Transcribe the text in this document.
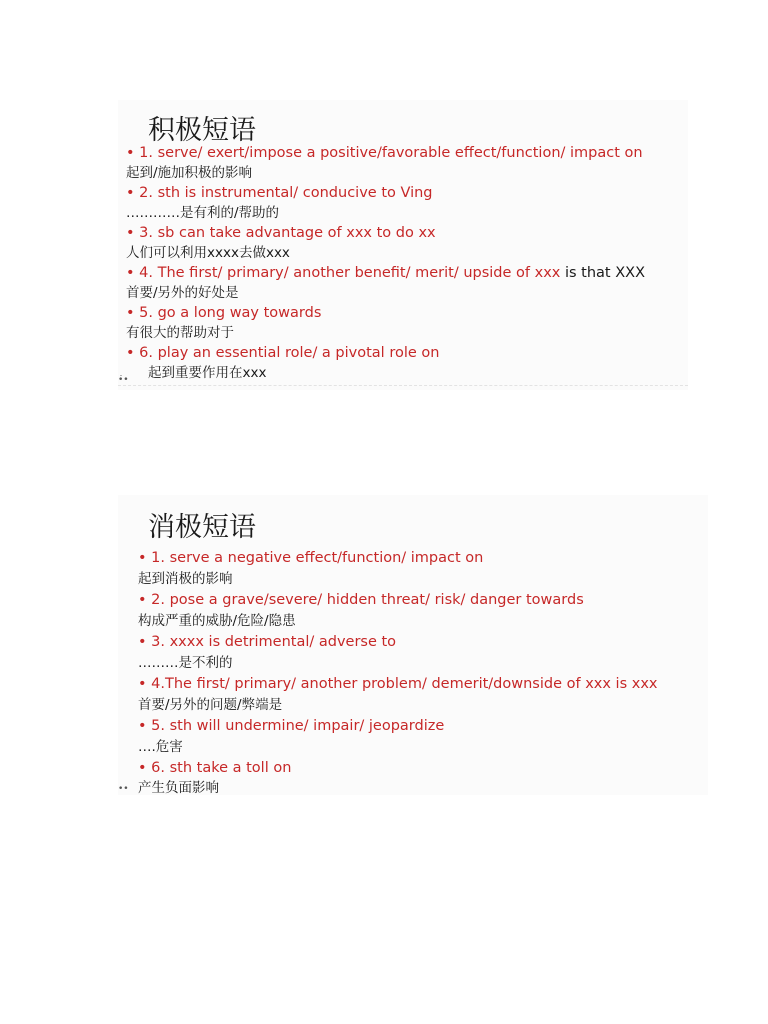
积极短语
• 1. serve/ exert/impose a positive/favorable effect/function/ impact on
起到/施加积极的影响
• 2. sth is instrumental/ conducive to Ving
…………是有利的/帮助的
• 3. sb can take advantage of xxx to do xx
人们可以利用xxxx去做xxx
• 4. The first/ primary/ another benefit/ merit/ upside of xxx is that XXX
首要/另外的好处是
• 5. go a long way towards
有很大的帮助对于
• 6. play an essential role/ a pivotal role on
起到重要作用在xxx
•̇•
消极短语
• 1. serve a negative effect/function/ impact on
起到消极的影响
• 2. pose a grave/severe/ hidden threat/ risk/ danger towards
构成严重的威胁/危险/隐患
• 3. xxxx is detrimental/ adverse to
………是不利的
• 4.The first/ primary/ another problem/ demerit/downside of xxx is xxx
首要/另外的问题/弊端是
• 5. sth will undermine/ impair/ jeopardize
….危害
• 6. sth take a toll on
产生负面影响
••
